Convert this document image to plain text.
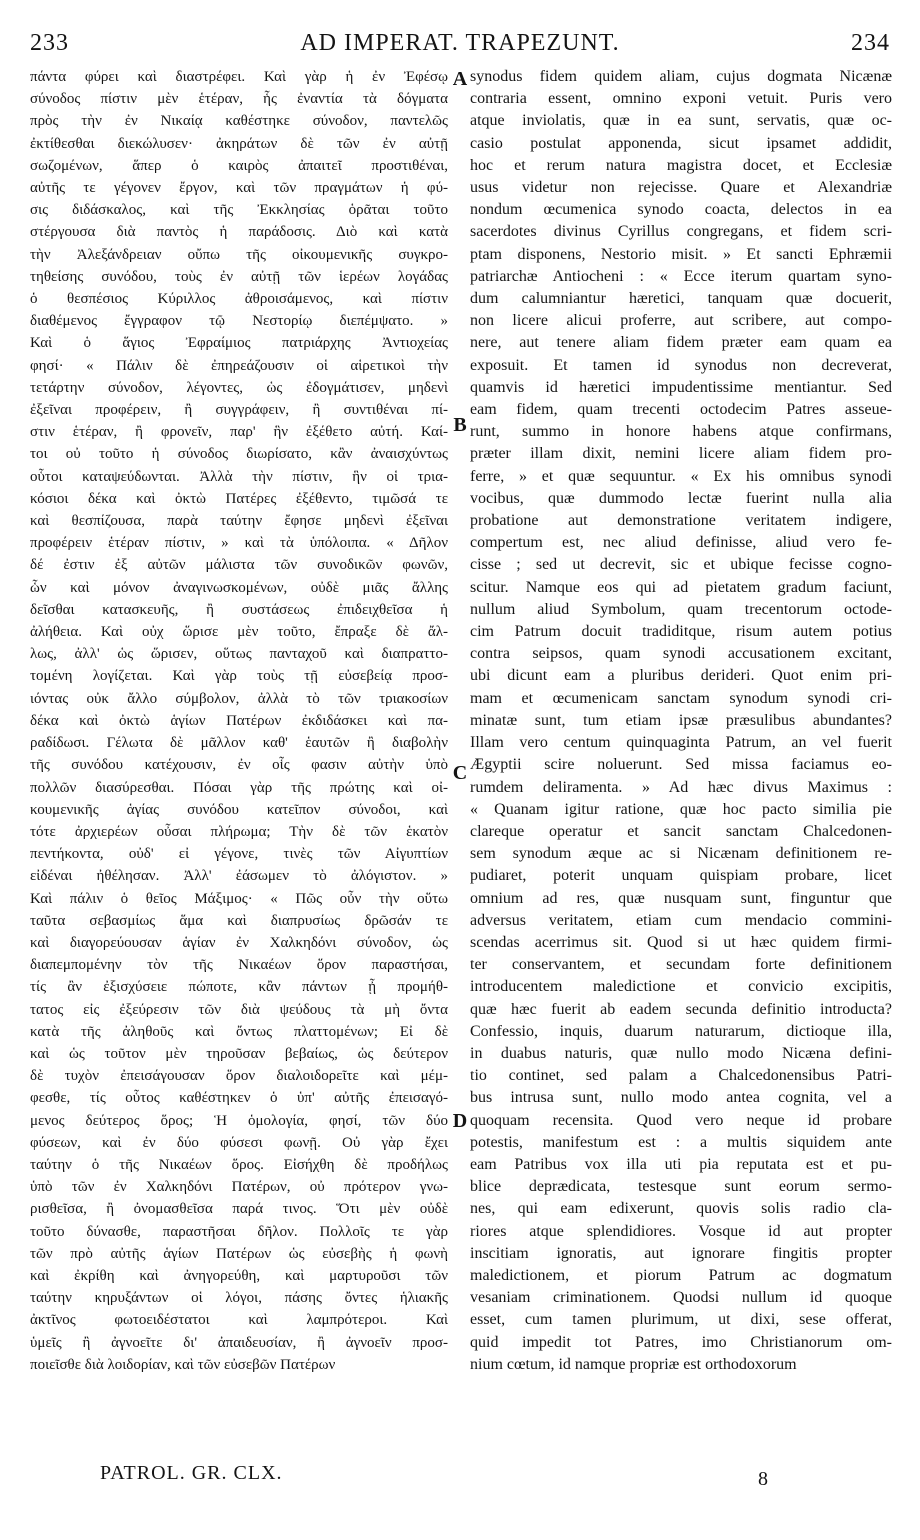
233	AD IMPERAT. TRAPEZUNT.	234
πάντα φύρει καὶ διαστρέφει. Καὶ γὰρ ἡ ἐν Ἐφέσῳ
σύνοδος πίστιν μὲν ἑτέραν, ἧς ἐναντία τὰ δόγματα
πρὸς τὴν ἐν Νικαίᾳ καθέστηκε σύνοδον, παντελῶς
ἐκτίθεσθαι διεκώλυσεν· ἀκηράτων δὲ τῶν ἐν αὐτῇ
σωζομένων, ἅπερ ὁ καιρὸς ἀπαιτεῖ προστιθέναι,
αὐτῆς τε γέγονεν ἔργον, καὶ τῶν πραγμάτων ἡ φύ-
σις διδάσκαλος, καὶ τῆς Ἐκκλησίας ὁρᾶται τοῦτο
στέργουσα διὰ παντὸς ἡ παράδοσις. Διὸ καὶ κατὰ
τὴν Ἀλεξάνδρειαν οὔπω τῆς οἰκουμενικῆς συγκρο-
τηθείσης συνόδου, τοὺς ἐν αὐτῇ τῶν ἱερέων λογάδας
ὁ θεσπέσιος Κύριλλος ἀθροισάμενος, καὶ πίστιν
διαθέμενος ἔγγραφον τῷ Νεστορίῳ διεπέμψατο. »
Καὶ ὁ ἅγιος Ἐφραίμιος πατριάρχης Ἀντιοχείας
φησί· « Πάλιν δὲ ἐπηρεάζουσιν οἱ αἱρετικοὶ τὴν
τετάρτην σύνοδον, λέγοντες, ὡς ἐδογμάτισεν, μηδενὶ
ἐξεῖναι προφέρειν, ἢ συγγράφειν, ἢ συντιθέναι πί-
στιν ἑτέραν, ἢ φρονεῖν, παρ' ἣν ἐξέθετο αὐτή. Καί-
τοι οὐ τοῦτο ἡ σύνοδος διωρίσατο, κἂν ἀναισχύντως
οὗτοι καταψεύδωνται. Ἀλλὰ τὴν πίστιν, ἣν οἱ τρια-
κόσιοι δέκα καὶ ὀκτὼ Πατέρες ἐξέθεντο, τιμῶσά τε
καὶ θεσπίζουσα, παρὰ ταύτην ἔφησε μηδενὶ ἐξεῖναι
προφέρειν ἑτέραν πίστιν, » καὶ τὰ ὑπόλοιπα. « Δῆλον
δέ ἐστιν ἐξ αὐτῶν μάλιστα τῶν συνοδικῶν φωνῶν,
ὧν καὶ μόνον ἀναγινωσκομένων, οὐδὲ μιᾶς ἄλλης
δεῖσθαι κατασκευῆς, ἢ συστάσεως ἐπιδειχθεῖσα ἡ
ἀλήθεια. Καὶ οὐχ ὥρισε μὲν τοῦτο, ἔπραξε δὲ ἄλ-
λως, ἀλλ' ὡς ὥρισεν, οὕτως πανταχοῦ καὶ διαπραττο-
τομένη λογίζεται. Καὶ γὰρ τοὺς τῇ εὐσεβείᾳ προσ-
ιόντας οὐκ ἄλλο σύμβολον, ἀλλὰ τὸ τῶν τριακοσίων
δέκα καὶ ὀκτὼ ἁγίων Πατέρων ἐκδιδάσκει καὶ πα-
ραδίδωσι. Γέλωτα δὲ μᾶλλον καθ' ἑαυτῶν ἢ διαβολὴν
τῆς συνόδου κατέχουσιν, ἐν οἷς φασιν αὐτὴν ὑπὸ
πολλῶν διασύρεσθαι. Πόσαι γὰρ τῆς πρώτης καὶ οἰ-
κουμενικῆς ἁγίας συνόδου κατεῖπον σύνοδοι, καὶ
τότε ἀρχιερέων οὖσαι πλήρωμα; Τὴν δὲ τῶν ἑκατὸν
πεντήκοντα, οὐδ' εἰ γέγονε, τινὲς τῶν Αἰγυπτίων
εἰδέναι ἠθέλησαν. Ἀλλ' ἐάσωμεν τὸ ἀλόγιστον. »
Καὶ πάλιν ὁ θεῖος Μάξιμος· « Πῶς οὖν τὴν οὕτω
ταῦτα σεβασμίως ἅμα καὶ διαπρυσίως δρῶσάν τε
καὶ διαγορεύουσαν ἁγίαν ἐν Χαλκηδόνι σύνοδον, ὡς
διαπεμπομένην τὸν τῆς Νικαέων ὅρον παραστήσαι,
τίς ἂν ἐξισχύσειε πώποτε, κἂν πάντων ᾖ προμήθ-
τατος εἰς ἐξεύρεσιν τῶν διὰ ψεύδους τὰ μὴ ὄντα
κατὰ τῆς ἀληθοῦς καὶ ὄντως πλαττομένων; Εἰ δὲ
καὶ ὡς τοῦτον μὲν τηροῦσαν βεβαίως, ὡς δεύτερον
δὲ τυχὸν ἐπεισάγουσαν ὅρον διαλοιδορεῖτε καὶ μέμ-
φεσθε, τίς οὗτος καθέστηκεν ὁ ὑπ' αὐτῆς ἐπεισαγό-
μενος δεύτερος ὅρος; Ἡ ὁμολογία, φησί, τῶν δύο
φύσεων, καὶ ἐν δύο φύσεσι φωνῇ. Οὐ γὰρ ἔχει
ταύτην ὁ τῆς Νικαέων ὅρος. Εἰσήχθη δὲ προδήλως
ὑπὸ τῶν ἐν Χαλκηδόνι Πατέρων, οὐ πρότερον γνω-
ρισθεῖσα, ἢ ὀνομασθεῖσα παρά τινος. Ὅτι μὲν οὐδὲ
τοῦτο δύνασθε, παραστῆσαι δῆλον. Πολλοῖς τε γὰρ
τῶν πρὸ αὐτῆς ἁγίων Πατέρων ὡς εὐσεβὴς ἡ φωνὴ
καὶ ἐκρίθη καὶ ἀνηγορεύθη, καὶ μαρτυροῦσι τῶν
ταύτην κηρυξάντων οἱ λόγοι, πάσης ὄντες ἡλιακῆς
ἀκτῖνος φωτοειδέστατοι καὶ λαμπρότεροι. Καὶ
ὑμεῖς ἢ ἀγνοεῖτε δι' ἀπαιδευσίαν, ἢ ἀγνοεῖν προσ-
ποιεῖσθε διὰ λοιδορίαν, καὶ τῶν εὐσεβῶν Πατέρων
synodus fidem quidem aliam, cujus dogmata Nicænæ
contraria essent, omnino exponi vetuit. Puris vero
atque inviolatis, quæ in ea sunt, servatis, quæ oc-
casio postulat apponenda, sicut ipsamet addidit,
hoc et rerum natura magistra docet, et Ecclesiæ
usus videtur non rejecisse. Quare et Alexandriæ
nondum œcumenica synodo coacta, delectos in ea
sacerdotes divinus Cyrillus congregans, et fidem scri-
ptam disponens, Nestorio misit. » Et sancti Ephræmii
patriarchæ Antiocheni : « Ecce iterum quartam syno-
dum calumniantur hæretici, tanquam quæ docuerit,
non licere alicui proferre, aut scribere, aut compo-
nere, aut tenere aliam fidem præter eam quam ea
exposuit. Et tamen id synodus non decreverat,
quamvis id hæretici impudentissime mentiantur. Sed
eam fidem, quam trecenti octodecim Patres asseue-
runt, summo in honore habens atque confirmans,
præter illam dixit, nemini licere aliam fidem pro-
ferre, » et quæ sequuntur. « Ex his omnibus synodi
vocibus, quæ dummodo lectæ fuerint nulla alia
probatione aut demonstratione veritatem indigere,
compertum est, nec aliud definisse, aliud vero fe-
cisse ; sed ut decrevit, sic et ubique fecisse cogno-
scitur. Namque eos qui ad pietatem gradum faciunt,
nullum aliud Symbolum, quam trecentorum octode-
cim Patrum docuit tradiditque, risum autem potius
contra seipsos, quam synodi accusationem excitant,
ubi dicunt eam a pluribus derideri. Quot enim pri-
mam et œcumenicam sanctam synodum synodi cri-
minatæ sunt, tum etiam ipsæ præsulibus abundantes?
Illam vero centum quinquaginta Patrum, an vel fuerit
Ægyptii scire noluerunt. Sed missa faciamus eo-
rumdem deliramenta. » Ad hæc divus Maximus :
« Quanam igitur ratione, quæ hoc pacto similia pie
clareque operatur et sancit sanctam Chalcedonen-
sem synodum æque ac si Nicænam definitionem re-
pudiaret, poterit unquam quispiam probare, licet
omnium ad res, quæ nusquam sunt, finguntur que
adversus veritatem, etiam cum mendacio commini-
scendas acerrimus sit. Quod si ut hæc quidem firmi-
ter conservantem, et secundam forte definitionem
introducentem maledictione et convicio excipitis,
quæ hæc fuerit ab eadem secunda definitio introducta?
Confessio, inquis, duarum naturarum, dictioque illa,
in duabus naturis, quæ nullo modo Nicæna defini-
tio continet, sed palam a Chalcedonensibus Patri-
bus intrusa sunt, nullo modo antea cognita, vel a
quoquam recensita. Quod vero neque id probare
potestis, manifestum est : a multis siquidem ante
eam Patribus vox illa uti pia reputata est et pu-
blice deprædicata, testesque sunt eorum sermo-
nes, qui eam edixerunt, quovis solis radio cla-
riores atque splendidiores. Vosque id aut propter
inscitiam ignoratis, aut ignorare fingitis propter
maledictionem, et piorum Patrum ac dogmatum
vesaniam criminationem. Quodsi nullum id quoque
esset, cum tamen plurimum, ut dixi, sese offerat,
quid impedit tot Patres, imo Christianorum om-
nium cœtum, id namque propriæ est orthodoxorum
A
B
C
D
PATROL. GR. CLX.	8
